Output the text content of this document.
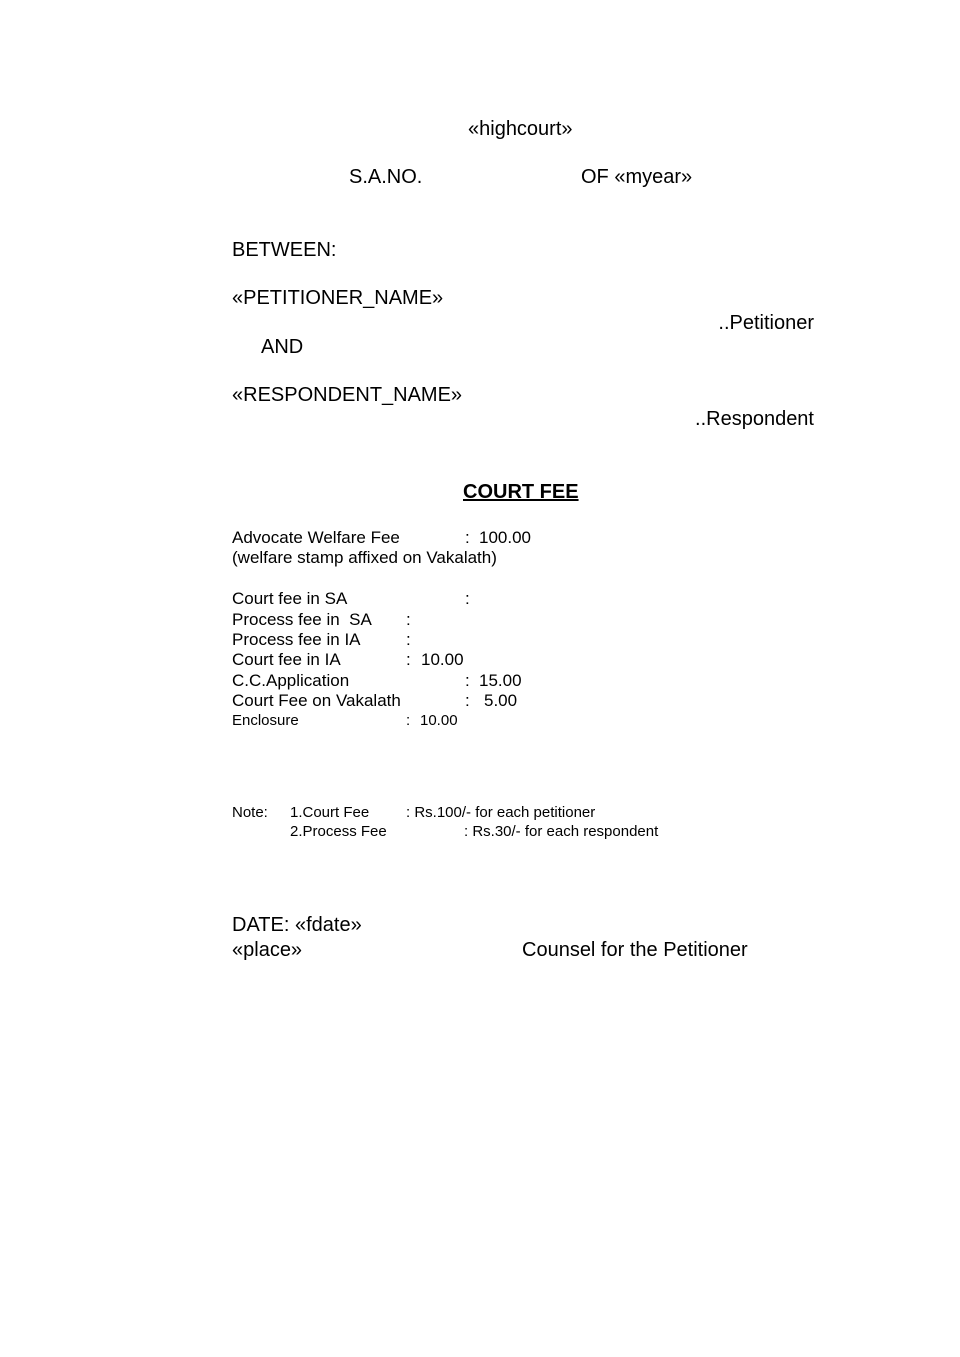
«highcourt»
S.A.NO.	OF «myear»
BETWEEN:
«PETITIONER_NAME»
..Petitioner
AND
«RESPONDENT_NAME»
..Respondent
COURT FEE
Advocate Welfare Fee	: 100.00
(welfare stamp affixed on Vakalath)
Court fee in SA	:
Process fee in  SA :
Process fee in IA	:
Court fee in IA	: 10.00
C.C.Application	: 15.00
Court Fee on Vakalath	: 5.00
Enclosure	: 10.00
Note: 1.Court Fee : Rs.100/- for each petitioner
2.Process Fee	: Rs.30/- for each respondent
DATE: «fdate»
«place»	Counsel for the Petitioner
